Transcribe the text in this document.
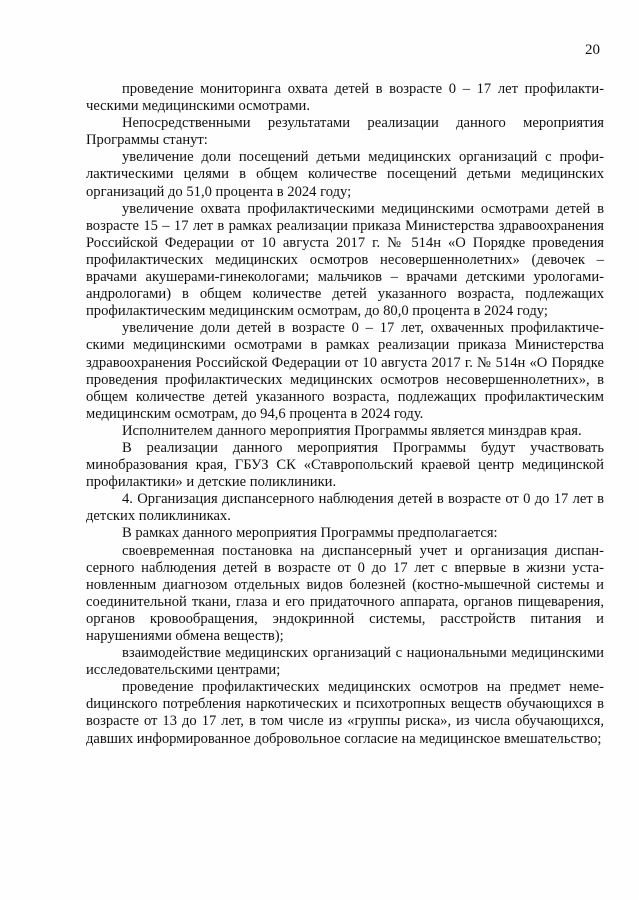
20

проведение мониторинга охвата детей в возрасте 0 – 17 лет профилактическими медицинскими осмотрами.

Непосредственными результатами реализации данного мероприятия Программы станут:

увеличение доли посещений детьми медицинских организаций с профилактическими целями в общем количестве посещений детьми медицинских организаций до 51,0 процента в 2024 году;

увеличение охвата профилактическими медицинскими осмотрами детей в возрасте 15 – 17 лет в рамках реализации приказа Министерства здравоохранения Российской Федерации от 10 августа 2017 г. № 514н «О Порядке проведения профилактических медицинских осмотров несовершеннолетних» (девочек – врачами акушерами-гинекологами; мальчиков – врачами детскими урологами-андрологами) в общем количестве детей указанного возраста, подлежащих профилактическим медицинским осмотрам, до 80,0 процента в 2024 году;

увеличение доли детей в возрасте 0 – 17 лет, охваченных профилактическими медицинскими осмотрами в рамках реализации приказа Министерства здравоохранения Российской Федерации от 10 августа 2017 г. № 514н «О Порядке проведения профилактических медицинских осмотров несовершеннолетних», в общем количестве детей указанного возраста, подлежащих профилактическим медицинским осмотрам, до 94,6 процента в 2024 году.

Исполнителем данного мероприятия Программы является минздрав края.

В реализации данного мероприятия Программы будут участвовать минобразования края, ГБУЗ СК «Ставропольский краевой центр медицинской профилактики» и детские поликлиники.

4. Организация диспансерного наблюдения детей в возрасте от 0 до 17 лет в детских поликлиниках.

В рамках данного мероприятия Программы предполагается:

своевременная постановка на диспансерный учет и организация диспансерного наблюдения детей в возрасте от 0 до 17 лет с впервые в жизни установленным диагнозом отдельных видов болезней (костно-мышечной системы и соединительной ткани, глаза и его придаточного аппарата, органов пищеварения, органов кровообращения, эндокринной системы, расстройств питания и нарушениями обмена веществ);

взаимодействие медицинских организаций с национальными медицинскими исследовательскими центрами;

проведение профилактических медицинских осмотров на предмет немеdицинского потребления наркотических и психотропных веществ обучающихся в возрасте от 13 до 17 лет, в том числе из «группы риска», из числа обучающихся, давших информированное добровольное согласие на медицинское вмешательство;
